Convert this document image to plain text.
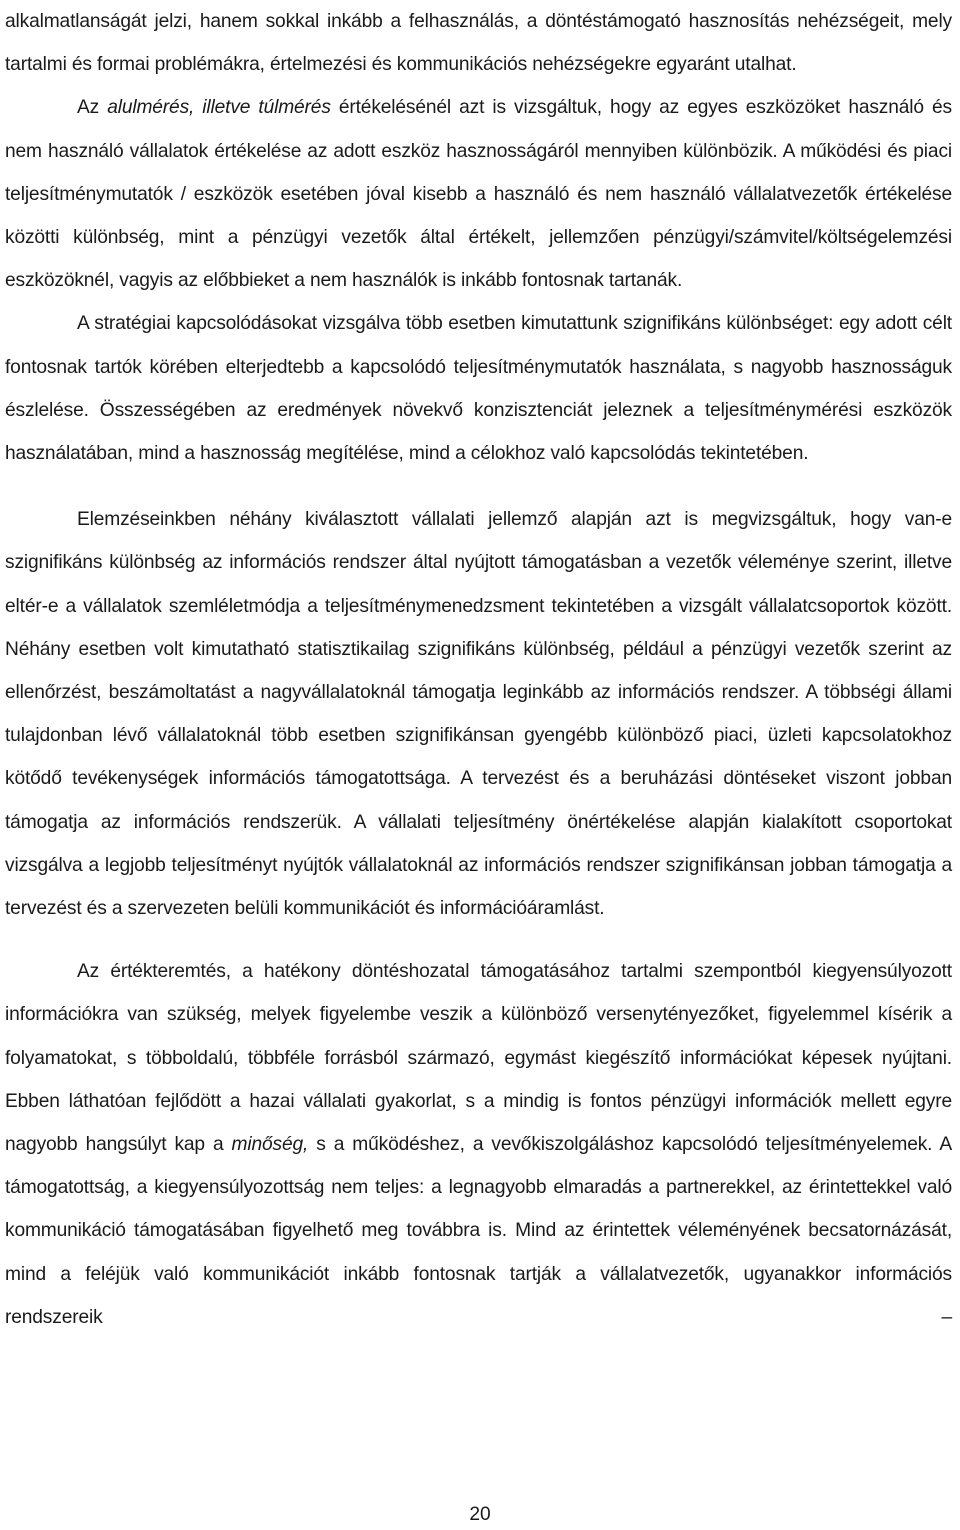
alkalmatlanságát jelzi, hanem sokkal inkább a felhasználás, a döntéstámogató hasznosítás nehézségeit, mely tartalmi és formai problémákra, értelmezési és kommunikációs nehézségekre egyaránt utalhat.

Az alulmérés, illetve túlmérés értékelésénél azt is vizsgáltuk, hogy az egyes eszközöket használó és nem használó vállalatok értékelése az adott eszköz hasznosságáról mennyiben különbözik. A működési és piaci teljesítménymutatók / eszközök esetében jóval kisebb a használó és nem használó vállalatvezetők értékelése közötti különbség, mint a pénzügyi vezetők által értékelt, jellemzően pénzügyi/számvitel/költségelemzési eszközöknél, vagyis az előbbieket a nem használók is inkább fontosnak tartanák.

A stratégiai kapcsolódásokat vizsgálva több esetben kimutattunk szignifikáns különbséget: egy adott célt fontosnak tartók körében elterjedtebb a kapcsolódó teljesítménymutatók használata, s nagyobb hasznosságuk észlelése. Összességében az eredmények növekvő konzisztenciát jeleznek a teljesítménymérési eszközök használatában, mind a hasznosság megítélése, mind a célokhoz való kapcsolódás tekintetében.

Elemzéseinkben néhány kiválasztott vállalati jellemző alapján azt is megvizsgáltuk, hogy van-e szignifikáns különbség az információs rendszer által nyújtott támogatásban a vezetők véleménye szerint, illetve eltér-e a vállalatok szemléletmódja a teljesítménymenedzsment tekintetében a vizsgált vállalatcsoportok között. Néhány esetben volt kimutatható statisztikailag szignifikáns különbség, például a pénzügyi vezetők szerint az ellenőrzést, beszámoltatást a nagyvállalatoknál támogatja leginkább az információs rendszer. A többségi állami tulajdonban lévő vállalatoknál több esetben szignifikánsan gyengébb különböző piaci, üzleti kapcsolatokhoz kötődő tevékenységek információs támogatottsága. A tervezést és a beruházási döntéseket viszont jobban támogatja az információs rendszerük. A vállalati teljesítmény önértékelése alapján kialakított csoportokat vizsgálva a legjobb teljesítményt nyújtók vállalatoknál az információs rendszer szignifikánsan jobban támogatja a tervezést és a szervezeten belüli kommunikációt és információáramlást.

Az értékteremtés, a hatékony döntéshozatal támogatásához tartalmi szempontból kiegyensúlyozott információkra van szükség, melyek figyelembe veszik a különböző versenytényezőket, figyelemmel kísérik a folyamatokat, s többoldalú, többféle forrásból származó, egymást kiegészítő információkat képesek nyújtani. Ebben láthatóan fejlődött a hazai vállalati gyakorlat, s a mindig is fontos pénzügyi információk mellett egyre nagyobb hangsúlyt kap a minőség, s a működéshez, a vevőkiszolgáláshoz kapcsolódó teljesítményelemek. A támogatottság, a kiegyensúlyozottság nem teljes: a legnagyobb elmaradás a partnerekkel, az érintettekkel való kommunikáció támogatásában figyelhető meg továbbra is. Mind az érintettek véleményének becsatornázását, mind a feléjük való kommunikációt inkább fontosnak tartják a vállalatvezetők, ugyanakkor információs rendszereik –

20
